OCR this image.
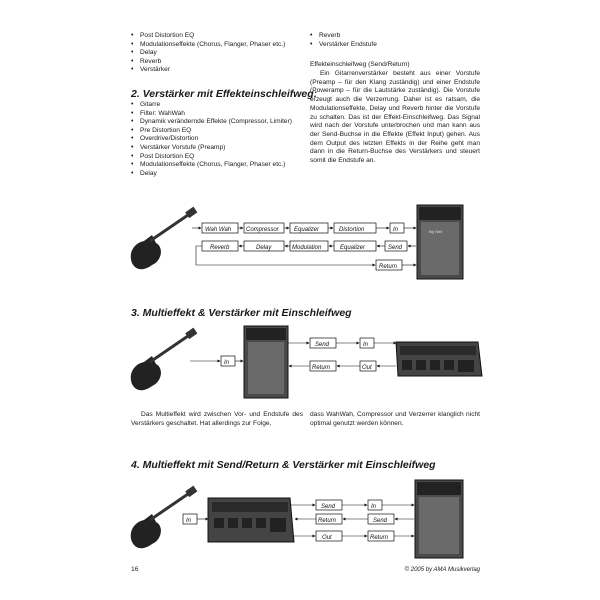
• Post Distortion EQ
• Modulationseffekte (Chorus, Flanger, Phaser etc.)
• Delay
• Reverb
• Verstärker
• Reverb
• Verstärker Endstufe
2. Verstärker mit Effekteinschleifweg:
• Gitarre
• Filter: WahWah
• Dynamik verändernde Effekte (Compressor, Limiter)
• Pre Distortion EQ
• Overdrive/Distortion
• Verstärker Vorstufe (Preamp)
• Post Distortion EQ
• Modulationseffekte (Chorus, Flanger, Phaser etc.)
• Delay
Effekteinschleifweg (Send/Return)

Ein Gitarrenverstärker besteht aus einer Vorstufe (Preamp – für den Klang zuständig) und einer Endstufe (Poweramp – für die Lautstärke zuständig). Die Vorstufe erzeugt auch die Verzerrung. Daher ist es ratsam, die Modulationseffekte, Delay und Reverb hinter die Vorstufe zu schalten. Das ist der Effekt-Einschleifweg. Das Signal wird nach der Vorstufe unterbrochen und man kann aus der Send-Buchse in die Effekte (Effekt Input) gehen. Aus dem Output des letzten Effekts in der Reihe geht man dann in die Return-Buchse des Verstärkers und steuert somit die Endstufe an.

Big Watt
Wah Wah Compressor	Equalizer	Distortion	In
Reverb	Delay	Modulation	Equalizer	Send
Return
3. Multieffekt & Verstärker mit Einschleifweg
In
Send	In
Return	Out

Das Multieffekt wird zwischen Vor- und Endstufe des Verstärkers geschaltet. Hat allerdings zur Folge,

dass WahWah, Compressor und Verzerrer klanglich nicht optimal genutzt werden können.

4. Multieffekt mit Send/Return & Verstärker mit Einschleifweg
In
Send	In
Return	Send
Out	Return
16	© 2005 by AMA Musikverlag
